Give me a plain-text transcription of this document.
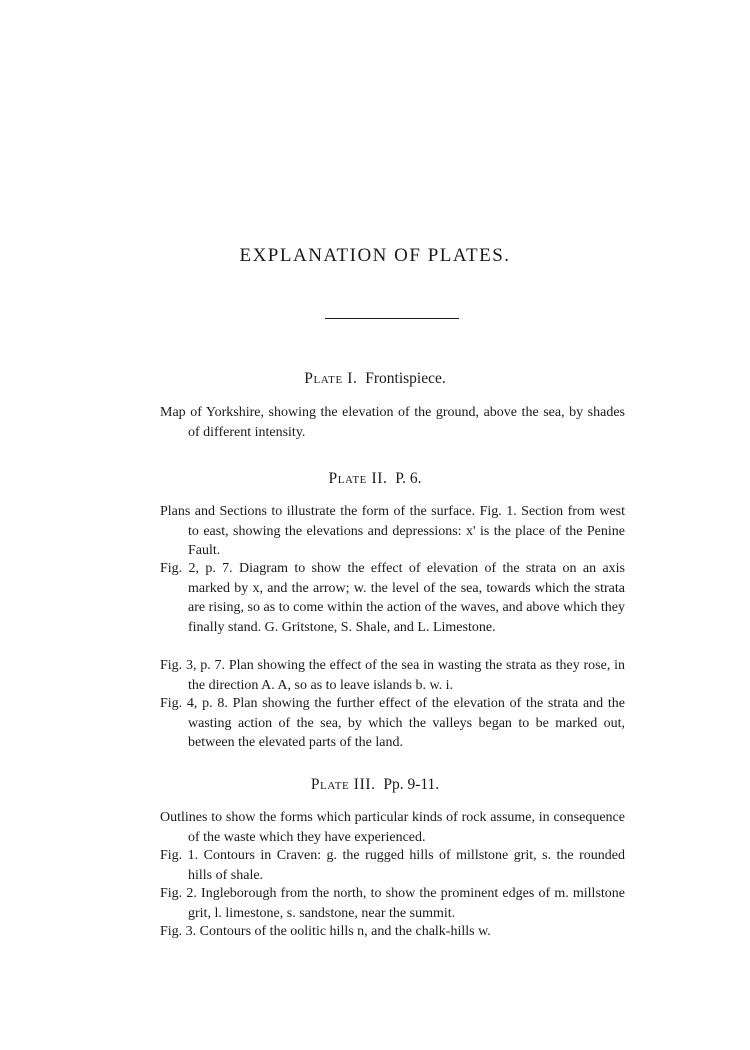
EXPLANATION OF PLATES.
Plate I. Frontispiece.
Map of Yorkshire, showing the elevation of the ground, above the sea, by shades of different intensity.
Plate II. P. 6.
Plans and Sections to illustrate the form of the surface. Fig. 1. Section from west to east, showing the elevations and depressions: x' is the place of the Penine Fault.
Fig. 2, p. 7. Diagram to show the effect of elevation of the strata on an axis marked by x, and the arrow; w. the level of the sea, towards which the strata are rising, so as to come within the action of the waves, and above which they finally stand. G. Gritstone, S. Shale, and L. Limestone.
Fig. 3, p. 7. Plan showing the effect of the sea in wasting the strata as they rose, in the direction A. A, so as to leave islands b. w. i.
Fig. 4, p. 8. Plan showing the further effect of the elevation of the strata and the wasting action of the sea, by which the valleys began to be marked out, between the elevated parts of the land.
Plate III. Pp. 9-11.
Outlines to show the forms which particular kinds of rock assume, in consequence of the waste which they have experienced.
Fig. 1. Contours in Craven: g. the rugged hills of millstone grit, s. the rounded hills of shale.
Fig. 2. Ingleborough from the north, to show the prominent edges of m. millstone grit, l. limestone, s. sandstone, near the summit.
Fig. 3. Contours of the oolitic hills n, and the chalk-hills w.
